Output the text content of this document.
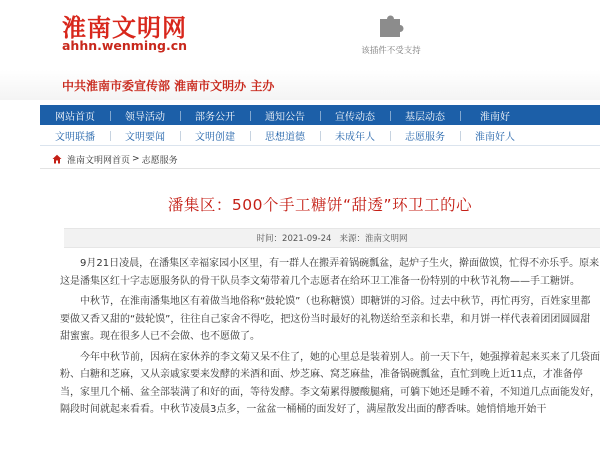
淮南文明网
ahhn.wenming.cn	该插件不受支持
中共淮南市委宣传部 淮南市文明办 主办
网站首页	领导活动	部务公开	通知公告	宣传动态	基层动态	淮南好
文明联播	文明要闻	文明创建	思想道德	未成年人	志愿服务	淮南好人
淮南文明网首页 > 志愿服务
潘集区：500个手工糖饼“甜透”环卫工的心
时间：2021-09-24 来源：淮南文明网

9月21日凌晨，在潘集区幸福家园小区里，有一群人在搬弄着锅碗瓢盆，起炉子生火，擀面做馍，忙得不亦乐乎。原来这是潘集区红十字志愿服务队的骨干队员李文菊带着几个志愿者在给环卫工准备一份特别的中秋节礼物——手工糖饼。

中秋节，在淮南潘集地区有着做当地俗称“鼓轮馍”（也称糖馍）即糖饼的习俗。过去中秋节，再忙再穷，百姓家里都要做又香又甜的“鼓轮馍”，往往自己家舍不得吃，把这份当时最好的礼物送给至亲和长辈，和月饼一样代表着团团圆圆甜甜蜜蜜。现在很多人已不会做、也不愿做了。

今年中秋节前，因病在家休养的李文菊又呆不住了，她的心里总是装着别人。前一天下午，她强撑着起来买来了几袋面粉、白糖和芝麻，又从亲戚家要来发酵的米酒和面、炒芝麻、窝芝麻盐，准备锅碗瓢盆，直忙到晚上近11点，才准备停当，家里几个桶、盆全部装满了和好的面，等待发酵。李文菊累得腰酸腿痛，可躺下她还是睡不着，不知道几点面能发好，隔段时间就起来看看。中秋节凌晨3点多，一盆盆一桶桶的面发好了，满屋散发出面的酵香味。她悄悄地开始干
